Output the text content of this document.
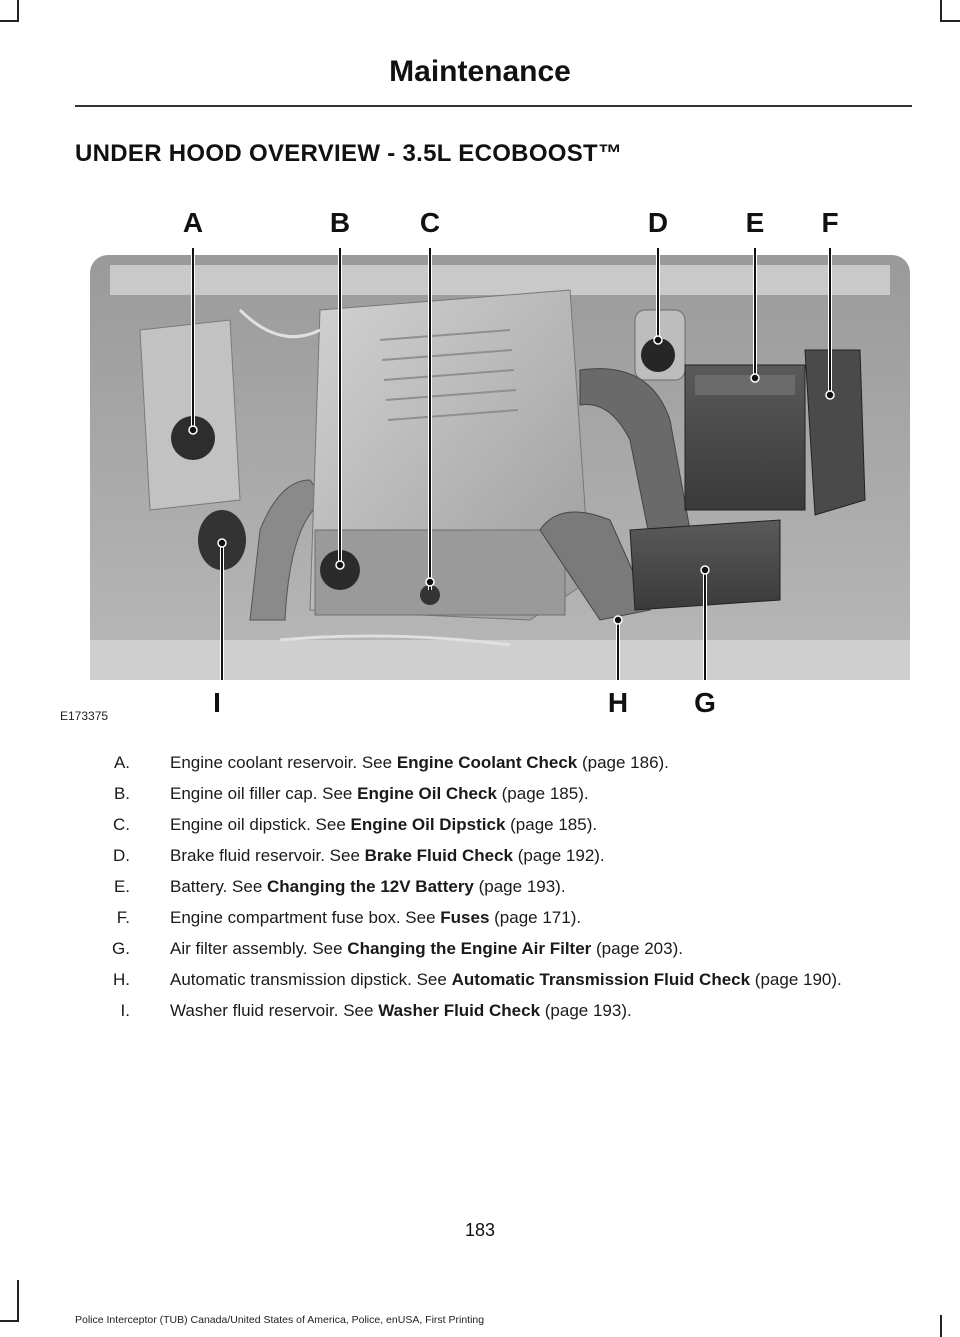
Maintenance
UNDER HOOD OVERVIEW - 3.5L ECOBOOST™
A	B C	D	E F
I	H G
E173375
A. Engine coolant reservoir. See Engine Coolant Check (page 186).
B. Engine oil filler cap. See Engine Oil Check (page 185).
C. Engine oil dipstick. See Engine Oil Dipstick (page 185).
D. Brake fluid reservoir. See Brake Fluid Check (page 192).
E. Battery. See Changing the 12V Battery (page 193).
F. Engine compartment fuse box. See Fuses (page 171).
G. Air filter assembly. See Changing the Engine Air Filter (page 203).
H. Automatic transmission dipstick. See Automatic Transmission Fluid Check (page 190).
I. Washer fluid reservoir. See Washer Fluid Check (page 193).
183
Police Interceptor (TUB) Canada/United States of America, Police, enUSA, First Printing
